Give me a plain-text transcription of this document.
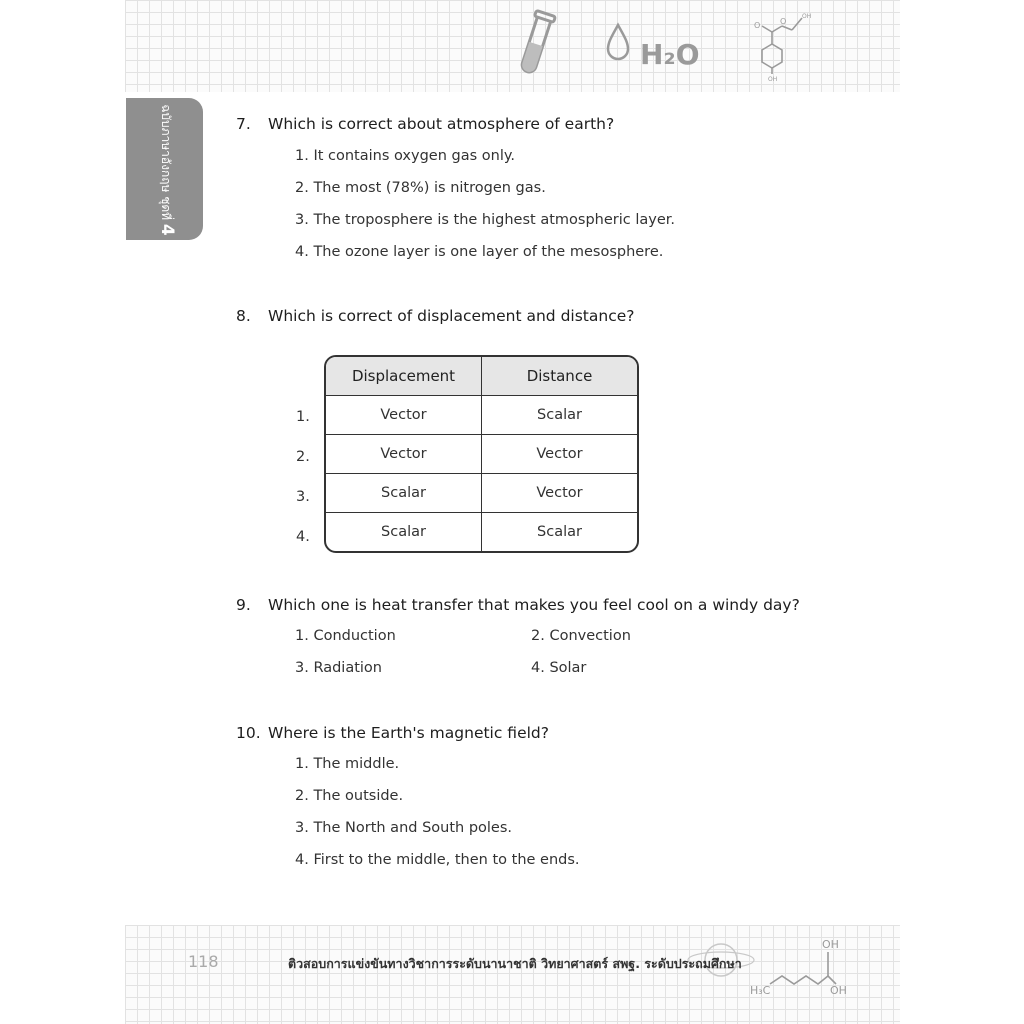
H₂O
O O
OH
OH
ฉบับภาษาอังกฤษ ชุดที่ 4
7. Which is correct about atmosphere of earth?
1. It contains oxygen gas only.
2. The most (78%) is nitrogen gas.
3. The troposphere is the highest atmospheric layer.
4. The ozone layer is one layer of the mesosphere.
8. Which is correct of displacement and distance?
Displacement	Distance
Vector	Scalar
Vector	Vector
Scalar	Vector
Scalar	Scalar
1.
2.
3.
4.
9. Which one is heat transfer that makes you feel cool on a windy day?
1. Conduction	2. Convection
3. Radiation	4. Solar
10. Where is the Earth's magnetic field?
1. The middle.
2. The outside.
3. The North and South poles.
4. First to the middle, then to the ends.
118	ติวสอบการแข่งขันทางวิชาการระดับนานาชาติ วิทยาศาสตร์ สพฐ. ระดับประถมศึกษา
OH
OH
H₃C
